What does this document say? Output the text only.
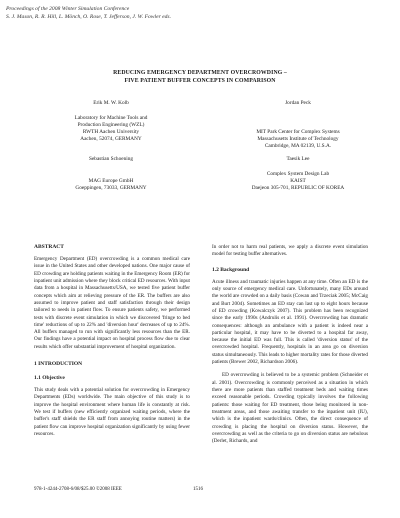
Proceedings of the 2008 Winter Simulation Conference
S. J. Mason, R. R. Hill, L. Mönch, O. Rose, T. Jefferson, J. W. Fowler eds.
REDUCING EMERGENCY DEPARTMENT OVERCROWDING –
FIVE PATIENT BUFFER CONCEPTS IN COMPARISON
Erik M. W. Kolb
Laboratory for Machine Tools and
Production Engineering (WZL)
RWTH Aachen University
Aachen, 52074, GERMANY
Jordan Peck
MIT Park Center for Complex Systems
Massachusetts Institute of Technology
Cambridge, MA 02139, U.S.A.
Sebastian Schoening
MAG Europe GmbH
Goeppingen, 73033, GERMANY
Taesik Lee
Complex System Design Lab
KAIST
Daejeon 305-701, REPUBLIC OF KOREA

ABSTRACT

Emergency Department (ED) overcrowding is a common medical care issue in the United States and other developed nations. One major cause of ED crowding are holding patients waiting in the Emergency Room (ER) for inpatient unit admission where they block critical ED resources. With input data from a hospital in Massachusetts/USA, we tested five patient buffer concepts which aim at relieving pressure of the ER. The buffers are also assumed to improve patient and staff satisfaction through their design tailored to needs in patient flow. To ensure patients safety, we performed tests with discrete event simulation in which we discovered 'fringe to bed time' reductions of up to 22% and 'diversion hour' decreases of up to 24%. All buffers managed to run with significantly less resources than the ER. Our findings have a potential impact on hospital process flow due to clear results which offer substantial improvement of hospital organization.

1 INTRODUCTION

1.1 Objective

This study deals with a potential solution for overcrowding in Emergency Departments (EDs) worldwide. The main objective of this study is to improve the hospital environment where human life is constantly at risk. We test if buffers (new efficiently organized waiting periods, where the buffer's staff shields the ER staff from annoying routine matters) in the patient flow can improve hospital organization significantly by using fewer resources.

In order not to harm real patients, we apply a discrete event simulation model for testing buffer alternatives.

1.2 Background

Acute illness and traumatic injuries happen at any time. Often an ED is the only source of emergency medical care. Unfortunately, many EDs around the world are crowded on a daily basis (Cowan and Trzeciak 2005; McCaig and Burt 2004). Sometimes an ED stay can last up to eight hours because of ED crowding (Kowalczyk 2007). This problem has been recognized since the early 1990s (Andrulis et al. 1991). Overcrowding has dramatic consequences: although an ambulance with a patient is indeed near a particular hospital, it may have to be diverted to a hospital far away, because the initial ED was full. This is called 'diversion status' of the overcrowded hospital. Frequently, hospitals in an area go on diversion status simultaneously. This leads to higher mortality rates for those diverted patients (Brewer 2002, Richardson 2006).

ED overcrowding is believed to be a systemic problem (Schneider et al. 2001). Overcrowding is commonly perceived as a situation in which there are more patients than staffed treatment beds and waiting times exceed reasonable periods. Crowding typically involves the following patients: those waiting for ED treatment, those being monitored in non-treatment areas, and those awaiting transfer to the inpatient unit (IU), which is the inpatient wards/clinics. Often, the direct consequence of crowding is placing the hospital on diversion status. However, the overcrowding as well as the criteria to go on diversion status are nebulous (Derlet, Richards, and

978-1-4244-2708-6/08/$25.00 ©2008 IEEE	1516
